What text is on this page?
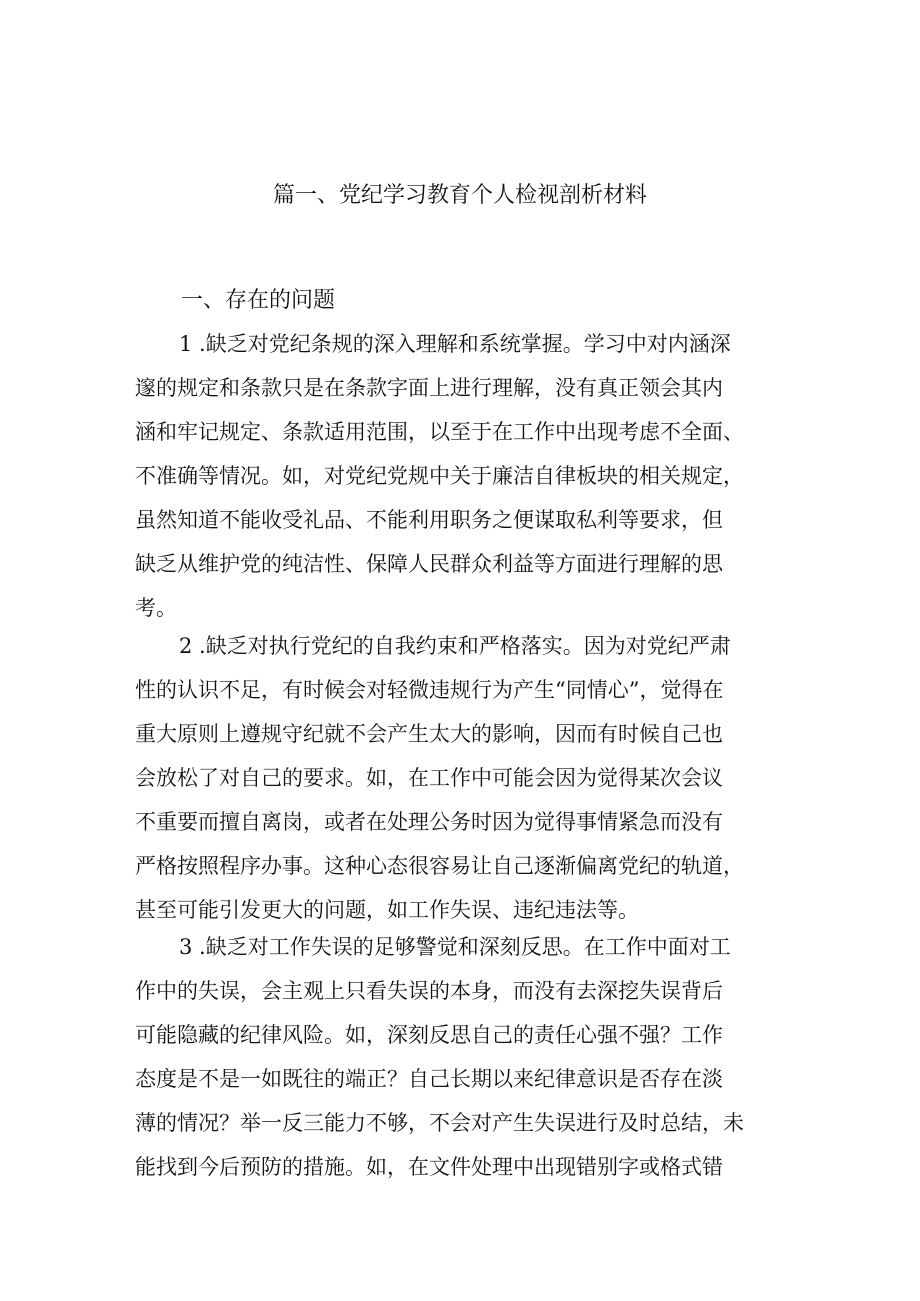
篇一、党纪学习教育个人检视剖析材料
一、存在的问题
1 .缺乏对党纪条规的深入理解和系统掌握。学习中对内涵深
邃的规定和条款只是在条款字面上进行理解，没有真正领会其内
涵和牢记规定、条款适用范围，以至于在工作中出现考虑不全面、
不准确等情况。如，对党纪党规中关于廉洁自律板块的相关规定，
虽然知道不能收受礼品、不能利用职务之便谋取私利等要求，但
缺乏从维护党的纯洁性、保障人民群众利益等方面进行理解的思
考。
2 .缺乏对执行党纪的自我约束和严格落实。因为对党纪严肃
性的认识不足，有时候会对轻微违规行为产生“同情心”，觉得在
重大原则上遵规守纪就不会产生太大的影响，因而有时候自己也
会放松了对自己的要求。如，在工作中可能会因为觉得某次会议
不重要而擅自离岗，或者在处理公务时因为觉得事情紧急而没有
严格按照程序办事。这种心态很容易让自己逐渐偏离党纪的轨道，
甚至可能引发更大的问题，如工作失误、违纪违法等。
3 .缺乏对工作失误的足够警觉和深刻反思。在工作中面对工
作中的失误，会主观上只看失误的本身，而没有去深挖失误背后
可能隐藏的纪律风险。如，深刻反思自己的责任心强不强？工作
态度是不是一如既往的端正？自己长期以来纪律意识是否存在淡
薄的情况？举一反三能力不够，不会对产生失误进行及时总结，未
能找到今后预防的措施。如，在文件处理中出现错别字或格式错
